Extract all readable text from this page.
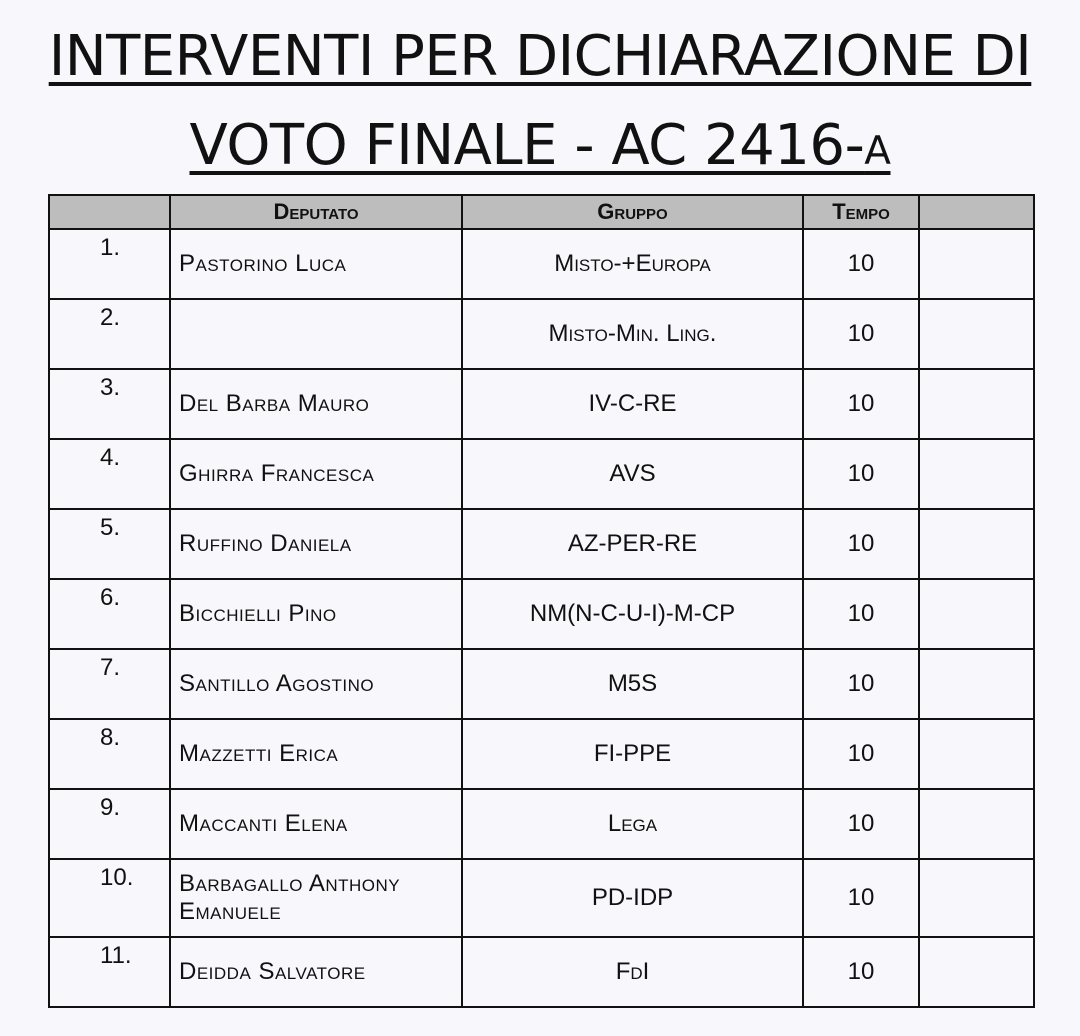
INTERVENTI PER DICHIARAZIONE DI
VOTO FINALE - AC 2416-a
	Deputato	Gruppo	Tempo	
1.	Pastorino Luca	Misto-+Europa	10	
2.		Misto-Min. Ling.	10	
3.	Del Barba Mauro	IV-C-RE	10	
4.	Ghirra Francesca	AVS	10	
5.	Ruffino Daniela	AZ-PER-RE	10	
6.	Bicchielli Pino	NM(N-C-U-I)-M-CP	10	
7.	Santillo Agostino	M5S	10	
8.	Mazzetti Erica	FI-PPE	10	
9.	Maccanti Elena	Lega	10	
10.	Barbagallo Anthony Emanuele	PD-IDP	10	
11.	Deidda Salvatore	FdI	10	
